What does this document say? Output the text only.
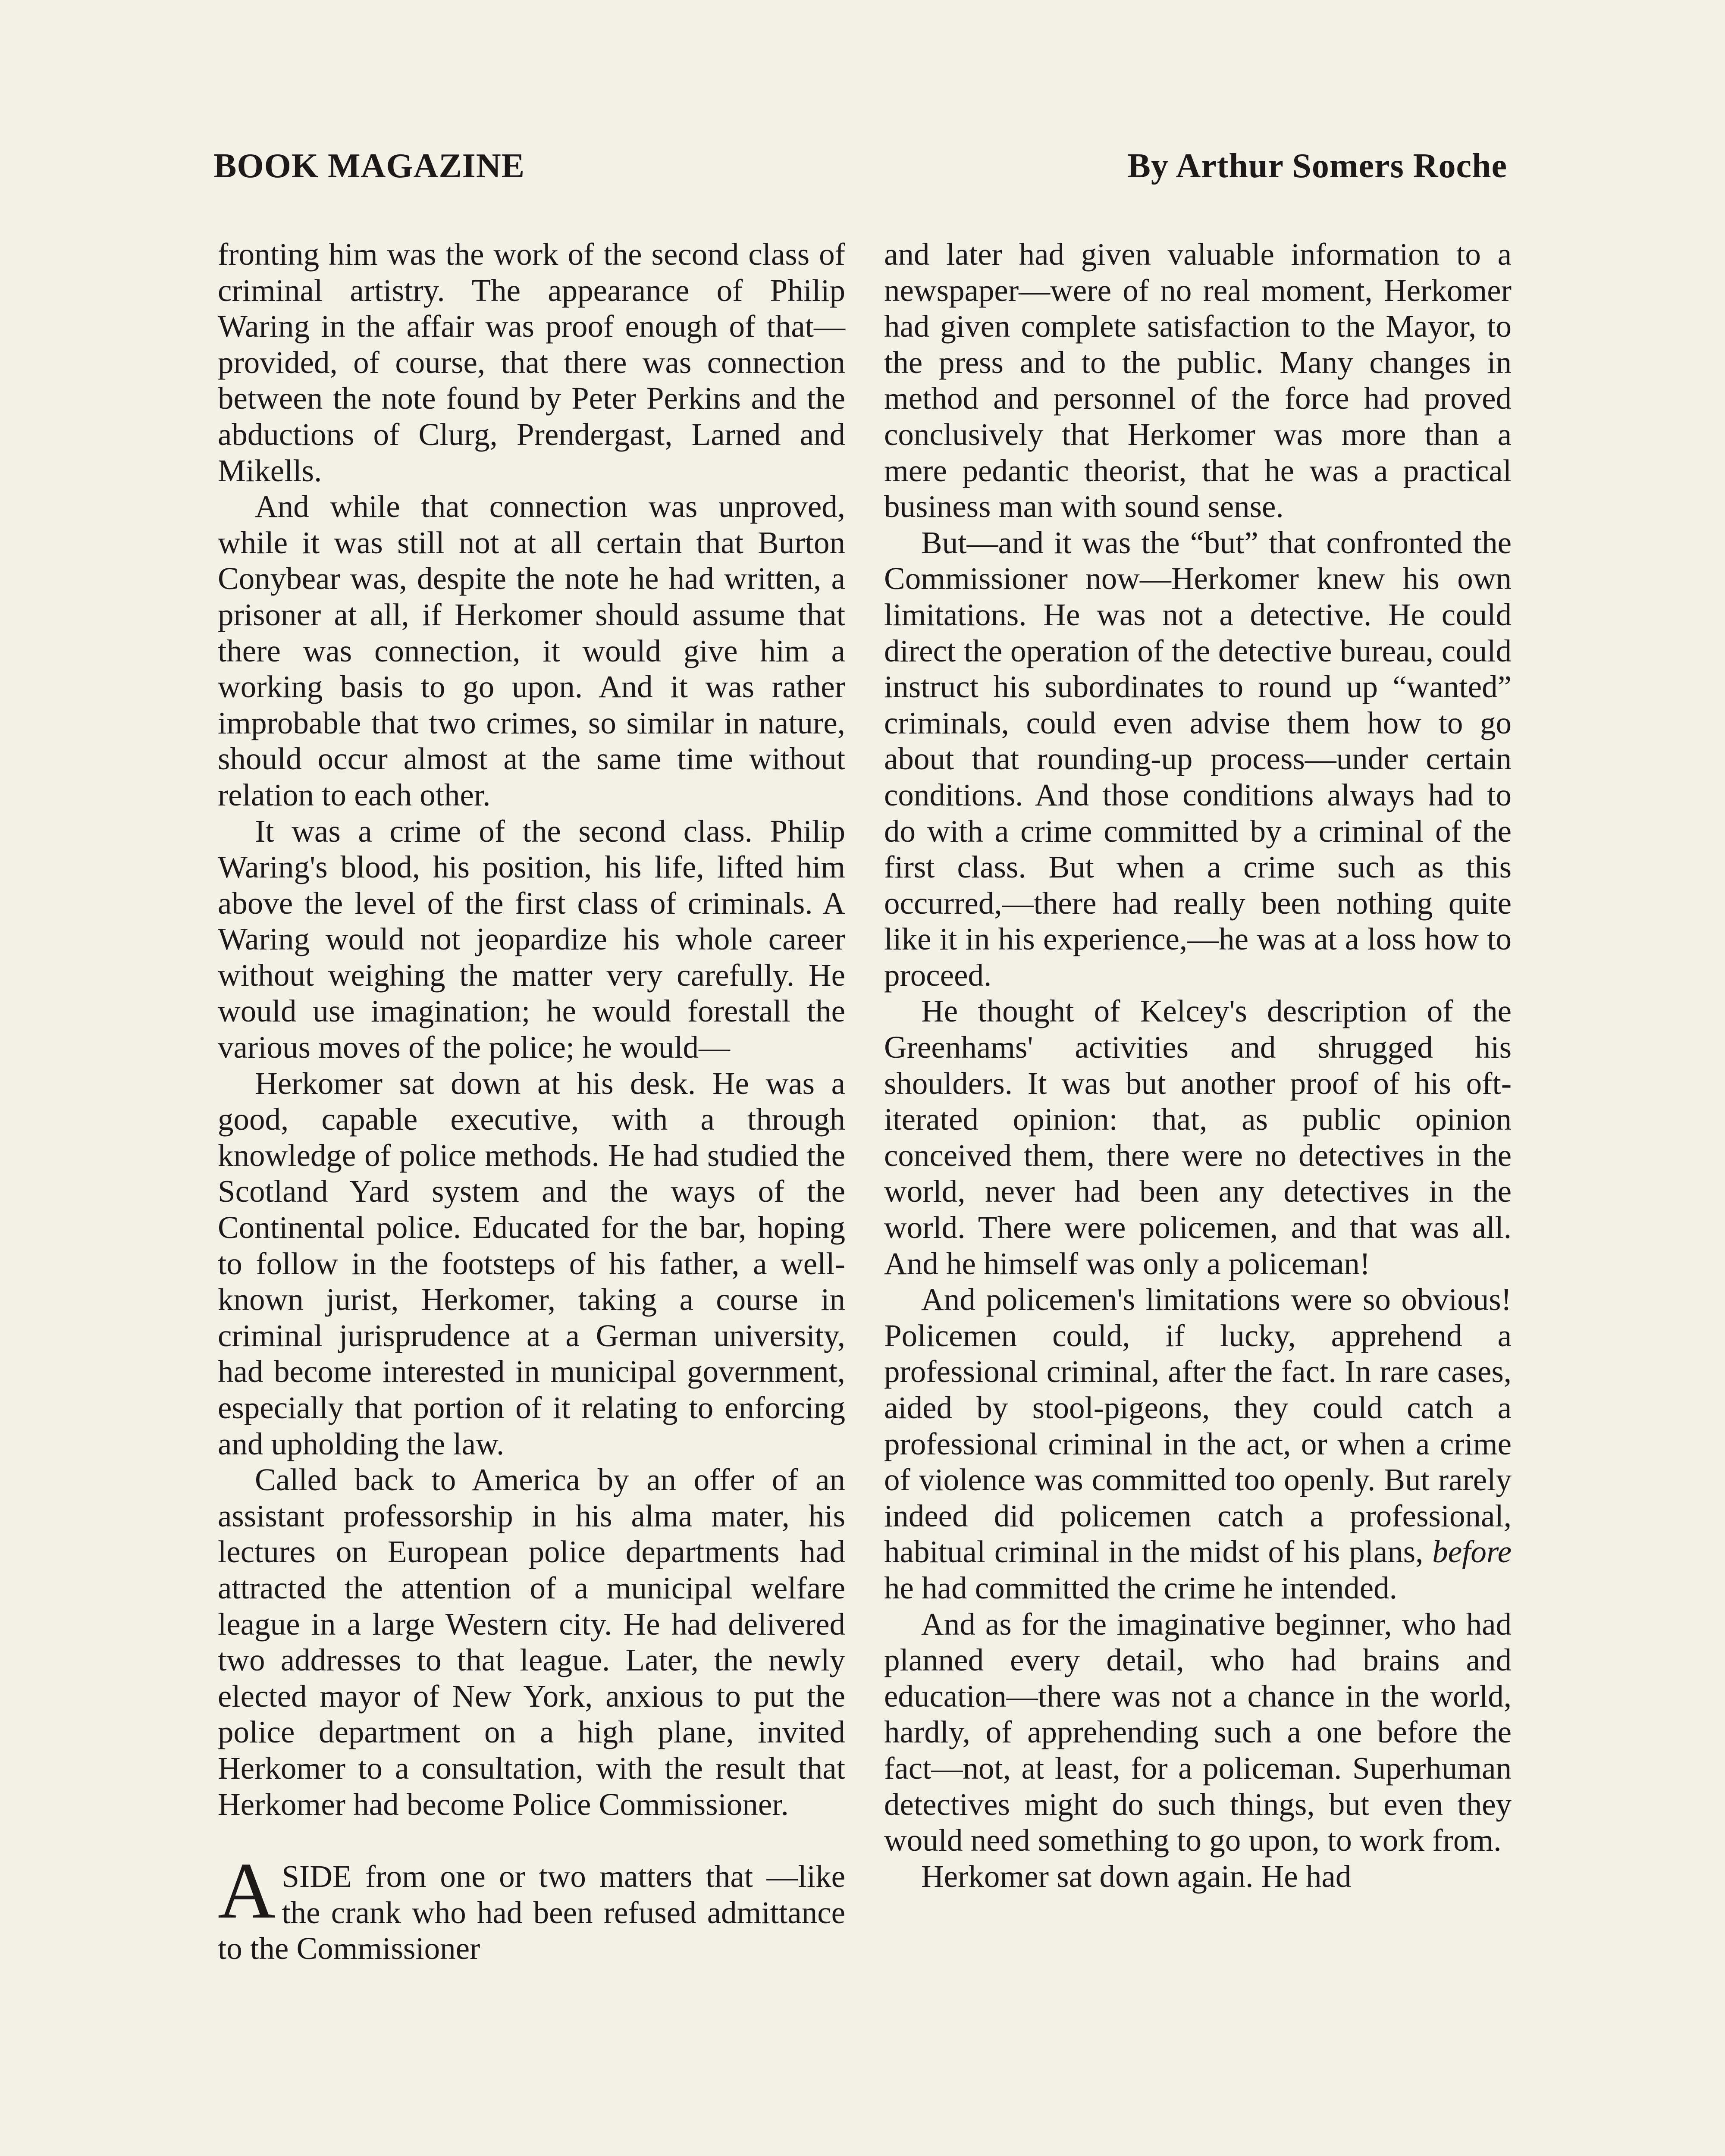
BOOK MAGAZINE	By Arthur Somers Roche

fronting him was the work of the second class of criminal artistry. The appearance of Philip Waring in the affair was proof enough of that—provided, of course, that there was connection between the note found by Peter Perkins and the abductions of Clurg, Prendergast, Larned and Mikells.

And while that connection was unproved, while it was still not at all certain that Burton Conybear was, despite the note he had written, a prisoner at all, if Herkomer should assume that there was connection, it would give him a working basis to go upon. And it was rather improbable that two crimes, so similar in nature, should occur almost at the same time without relation to each other.

It was a crime of the second class. Philip Waring's blood, his position, his life, lifted him above the level of the first class of criminals. A Waring would not jeopardize his whole career without weighing the matter very carefully. He would use imagination; he would forestall the various moves of the police; he would—

Herkomer sat down at his desk. He was a good, capable executive, with a through knowledge of police methods. He had studied the Scotland Yard system and the ways of the Continental police. Educated for the bar, hoping to follow in the footsteps of his father, a well-known jurist, Herkomer, taking a course in criminal jurisprudence at a German university, had become interested in municipal government, especially that portion of it relating to enforcing and upholding the law.

Called back to America by an offer of an assistant professorship in his alma mater, his lectures on European police departments had attracted the attention of a municipal welfare league in a large Western city. He had delivered two addresses to that league. Later, the newly elected mayor of New York, anxious to put the police department on a high plane, invited Herkomer to a consultation, with the result that Herkomer had become Police Commissioner.

ASIDE from one or two matters that —like the crank who had been refused admittance to the Commissioner

and later had given valuable information to a newspaper—were of no real moment, Herkomer had given complete satisfaction to the Mayor, to the press and to the public. Many changes in method and personnel of the force had proved conclusively that Herkomer was more than a mere pedantic theorist, that he was a practical business man with sound sense.

But—and it was the “but” that confronted the Commissioner now—Herkomer knew his own limitations. He was not a detective. He could direct the operation of the detective bureau, could instruct his subordinates to round up “wanted” criminals, could even advise them how to go about that rounding-up process—under certain conditions. And those conditions always had to do with a crime committed by a criminal of the first class. But when a crime such as this occurred,—there had really been nothing quite like it in his experience,—he was at a loss how to proceed.

He thought of Kelcey's description of the Greenhams' activities and shrugged his shoulders. It was but another proof of his oft-iterated opinion: that, as public opinion conceived them, there were no detectives in the world, never had been any detectives in the world. There were policemen, and that was all. And he himself was only a policeman!

And policemen's limitations were so obvious! Policemen could, if lucky, apprehend a professional criminal, after the fact. In rare cases, aided by stool-pigeons, they could catch a professional criminal in the act, or when a crime of violence was committed too openly. But rarely indeed did policemen catch a professional, habitual criminal in the midst of his plans, before he had committed the crime he intended.

And as for the imaginative beginner, who had planned every detail, who had brains and education—there was not a chance in the world, hardly, of apprehending such a one before the fact—not, at least, for a policeman. Superhuman detectives might do such things, but even they would need something to go upon, to work from.

Herkomer sat down again. He had
